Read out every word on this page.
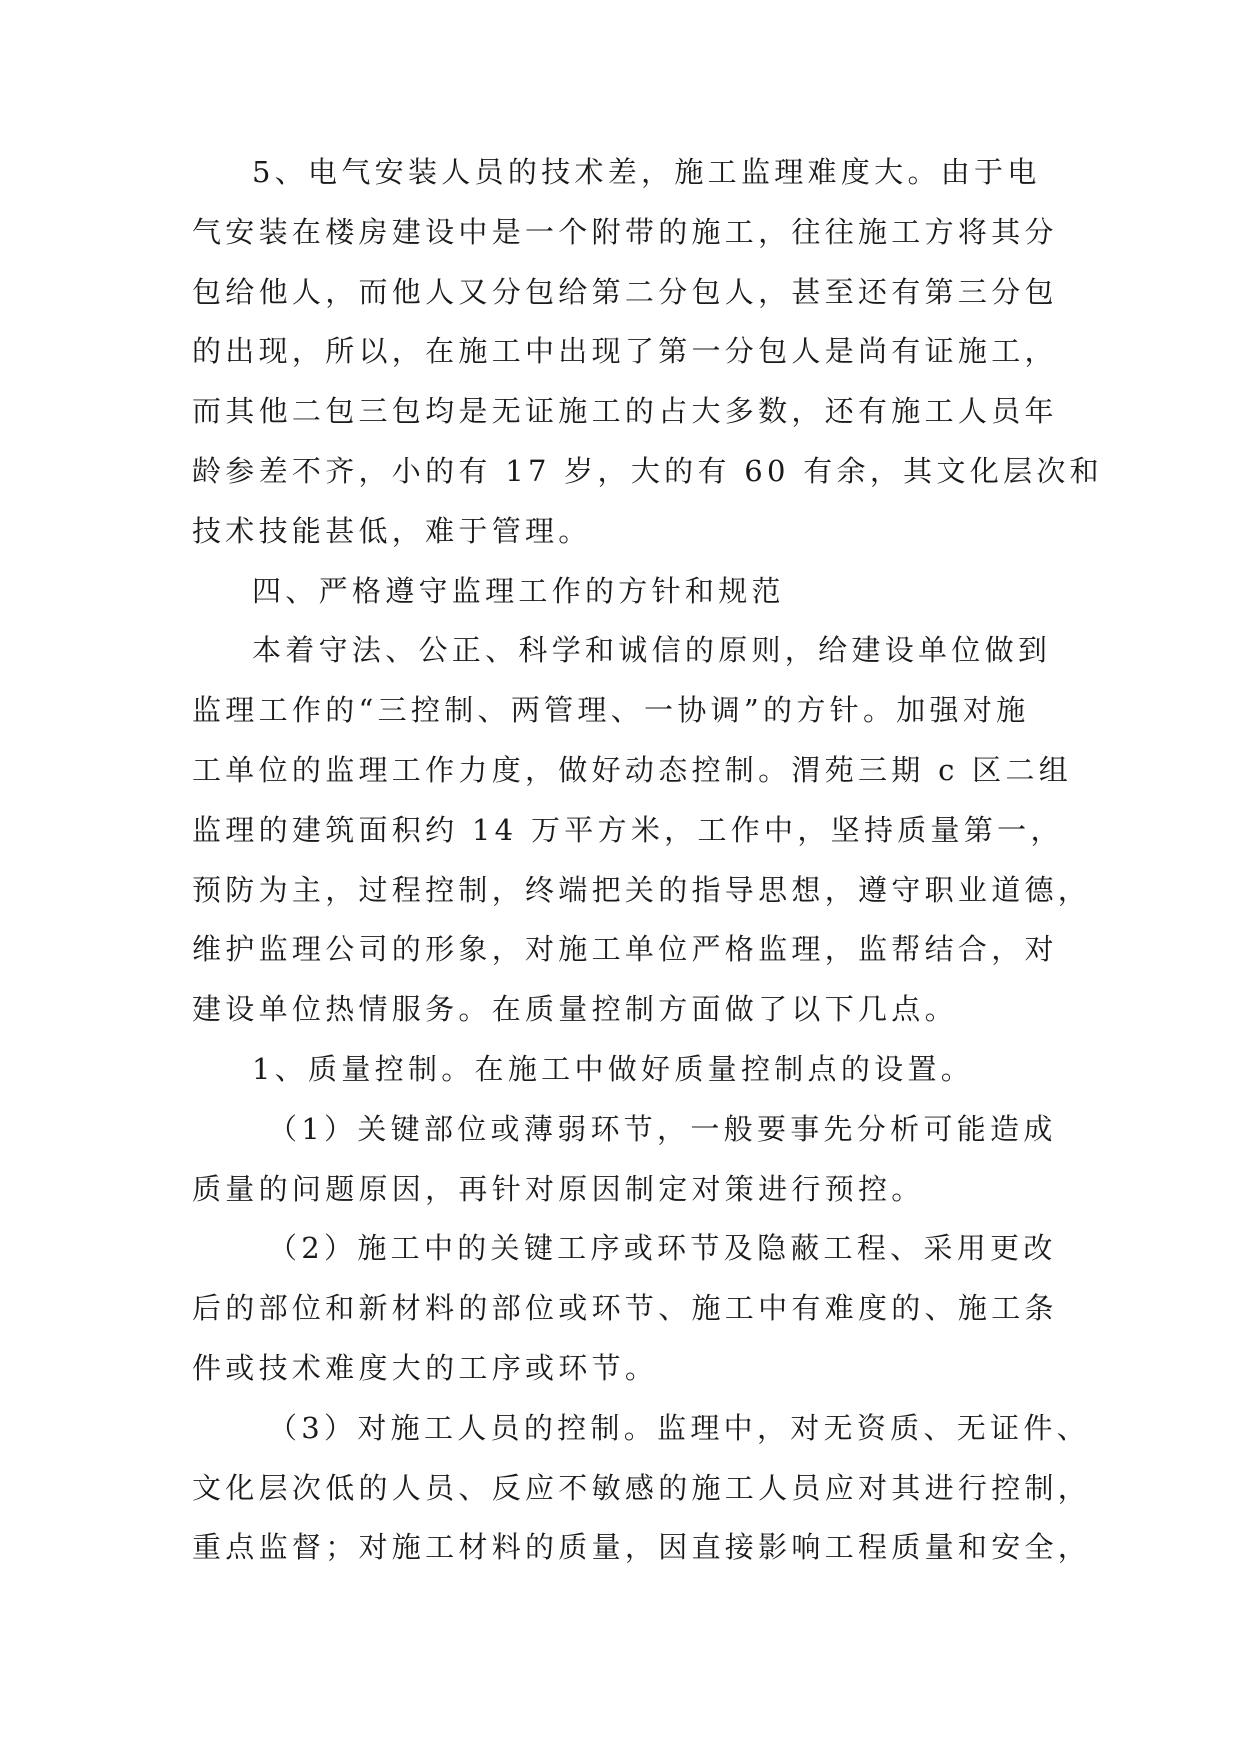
5、电气安装人员的技术差，施工监理难度大。由于电
气安装在楼房建设中是一个附带的施工，往往施工方将其分
包给他人，而他人又分包给第二分包人，甚至还有第三分包
的出现，所以，在施工中出现了第一分包人是尚有证施工，
而其他二包三包均是无证施工的占大多数，还有施工人员年
龄参差不齐，小的有 17 岁，大的有 60 有余，其文化层次和
技术技能甚低，难于管理。
四、严格遵守监理工作的方针和规范
本着守法、公正、科学和诚信的原则，给建设单位做到
监理工作的“三控制、两管理、一协调”的方针。加强对施
工单位的监理工作力度，做好动态控制。渭苑三期 c 区二组
监理的建筑面积约 14 万平方米，工作中，坚持质量第一，
预防为主，过程控制，终端把关的指导思想，遵守职业道德，
维护监理公司的形象，对施工单位严格监理，监帮结合，对
建设单位热情服务。在质量控制方面做了以下几点。
1、质量控制。在施工中做好质量控制点的设置。
（1）关键部位或薄弱环节，一般要事先分析可能造成
质量的问题原因，再针对原因制定对策进行预控。
（2）施工中的关键工序或环节及隐蔽工程、采用更改
后的部位和新材料的部位或环节、施工中有难度的、施工条
件或技术难度大的工序或环节。
（3）对施工人员的控制。监理中，对无资质、无证件、
文化层次低的人员、反应不敏感的施工人员应对其进行控制，
重点监督；对施工材料的质量，因直接影响工程质量和安全，
